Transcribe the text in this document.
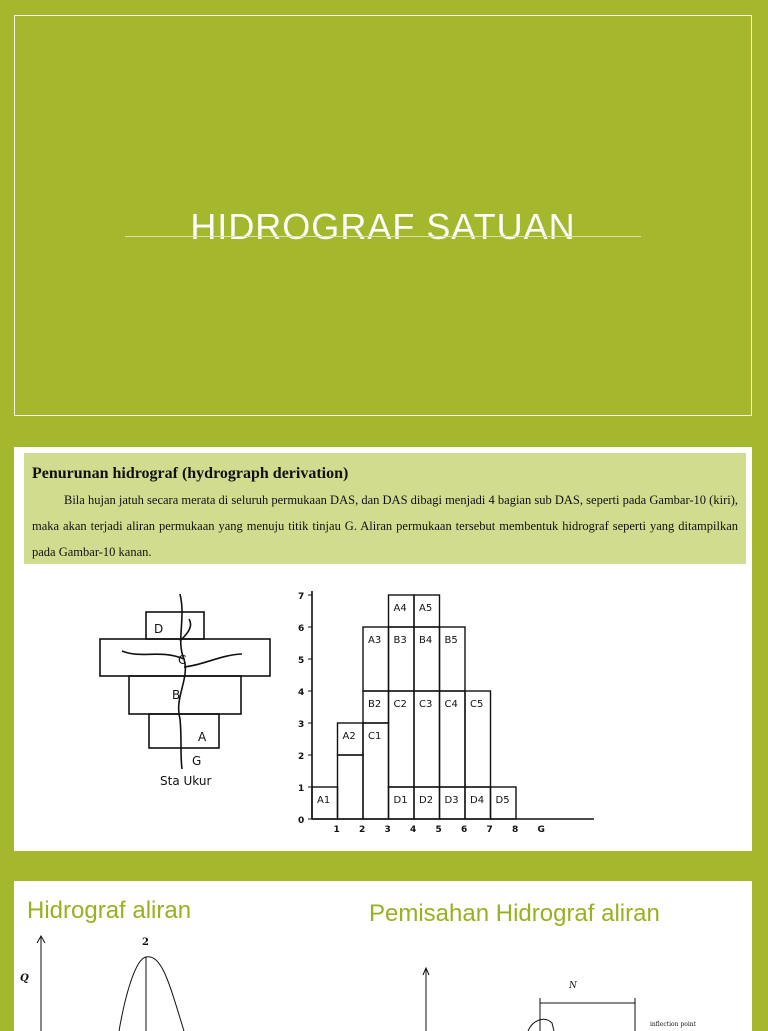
HIDROGRAF SATUAN
Penurunan hidrograf (hydrograph derivation)

Bila hujan jatuh secara merata di seluruh permukaan DAS, dan DAS dibagi menjadi 4 bagian sub DAS, seperti pada Gambar-10 (kiri), maka akan terjadi aliran permukaan yang menuju titik tinjau G. Aliran permukaan tersebut membentuk hidrograf seperti yang ditampilkan pada Gambar-10 kanan.

D
C
B
A
G
Sta Ukur
0
1
2
3
4
5
6
7
1 2 3 4 5 6 7 8 G
A1
A2 C1
B2
A3
D1
C2
B3
A4
D2
C3
B4
A5
D3
C4
B5
D4
C5
D5
Hidrograf aliran	Pemisahan Hidrograf aliran
Q
2
N
inflection point
